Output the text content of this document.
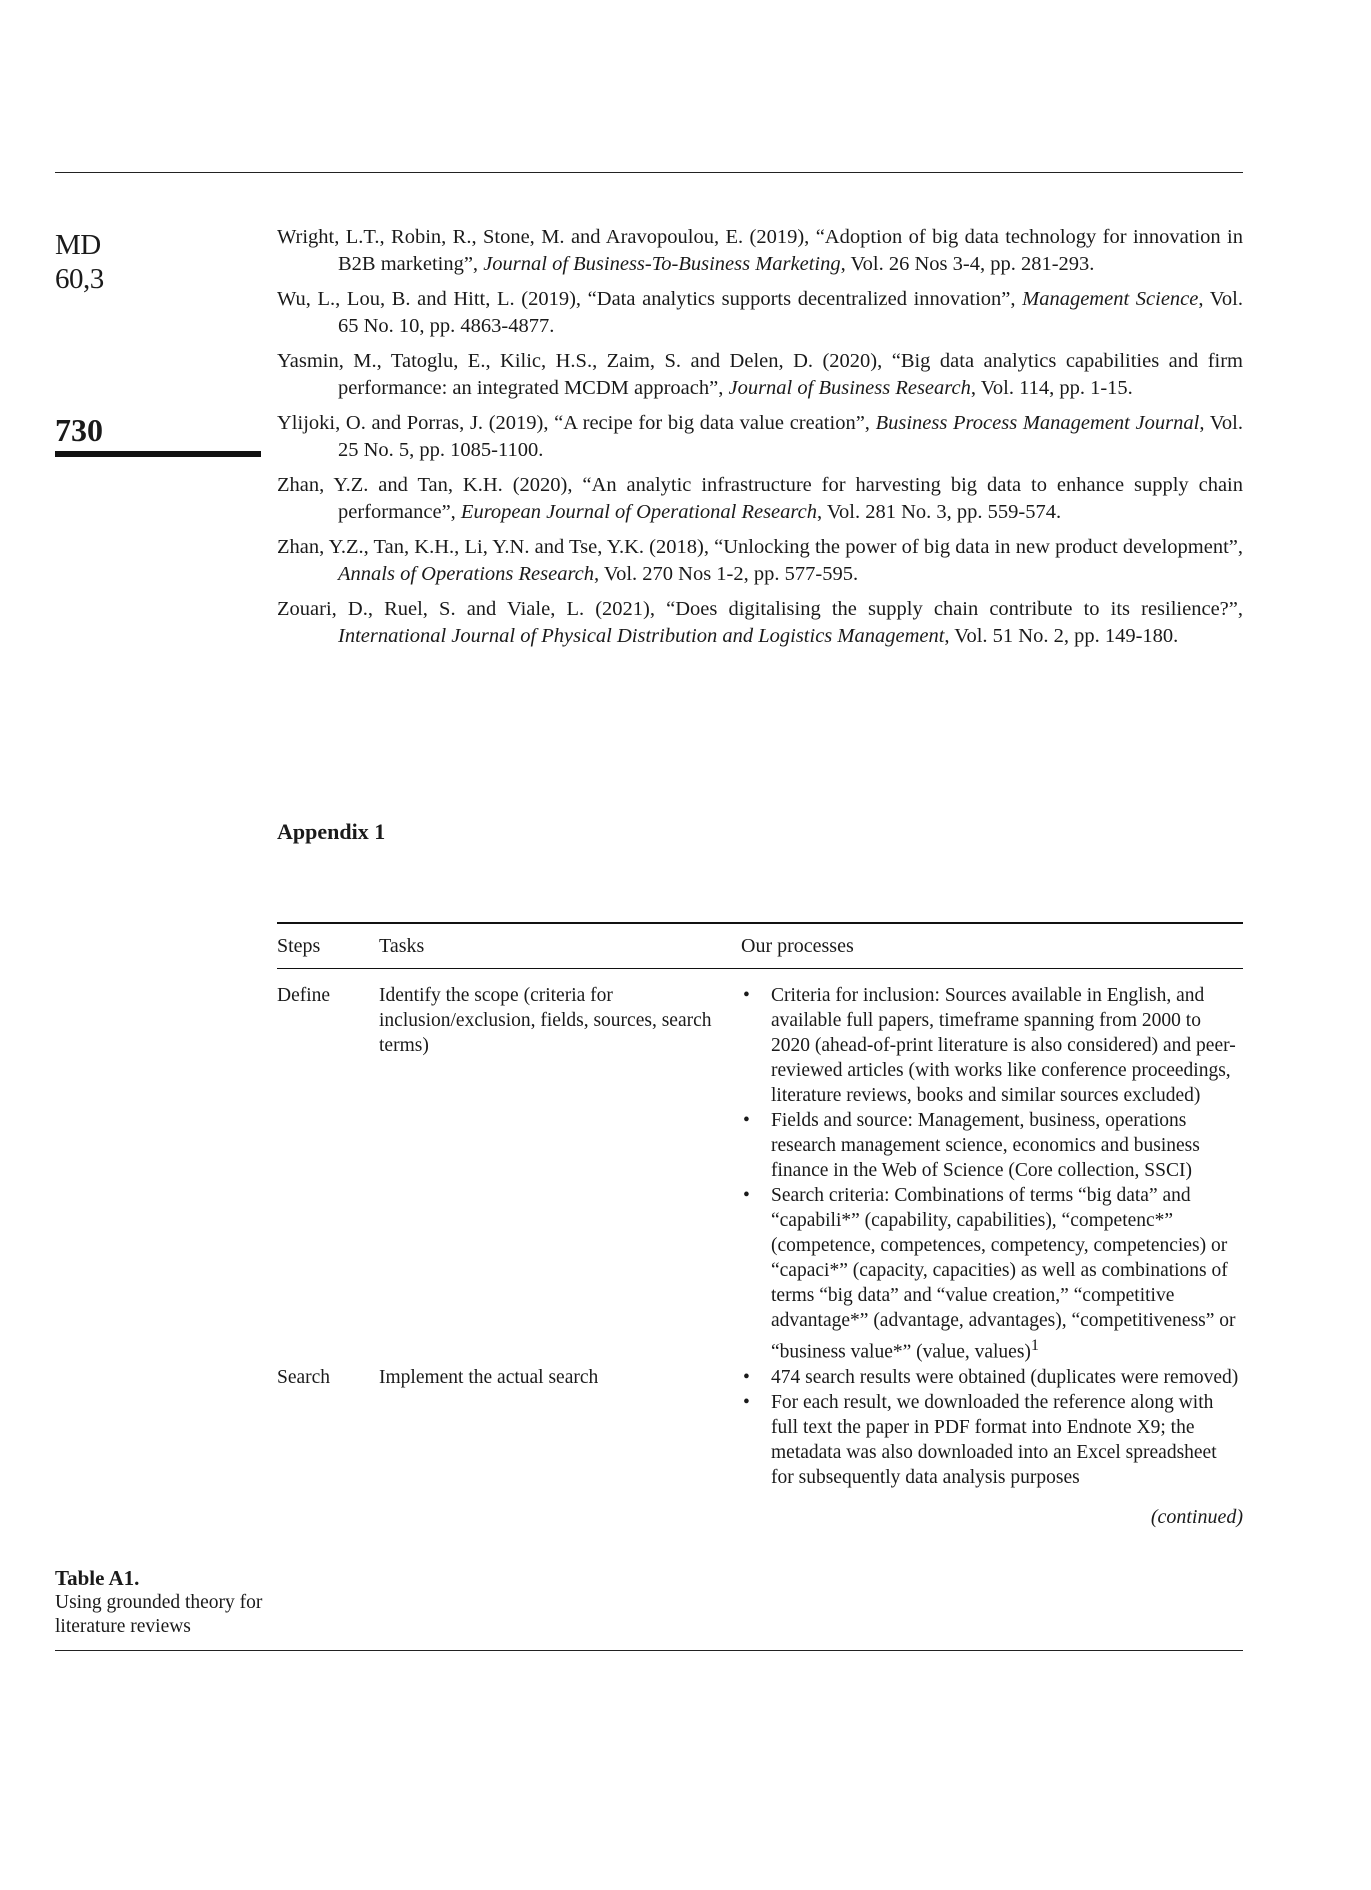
MD
60,3
730
Wright, L.T., Robin, R., Stone, M. and Aravopoulou, E. (2019), “Adoption of big data technology for innovation in B2B marketing”, Journal of Business-To-Business Marketing, Vol. 26 Nos 3-4, pp. 281-293.
Wu, L., Lou, B. and Hitt, L. (2019), “Data analytics supports decentralized innovation”, Management Science, Vol. 65 No. 10, pp. 4863-4877.
Yasmin, M., Tatoglu, E., Kilic, H.S., Zaim, S. and Delen, D. (2020), “Big data analytics capabilities and firm performance: an integrated MCDM approach”, Journal of Business Research, Vol. 114, pp. 1-15.
Ylijoki, O. and Porras, J. (2019), “A recipe for big data value creation”, Business Process Management Journal, Vol. 25 No. 5, pp. 1085-1100.
Zhan, Y.Z. and Tan, K.H. (2020), “An analytic infrastructure for harvesting big data to enhance supply chain performance”, European Journal of Operational Research, Vol. 281 No. 3, pp. 559-574.
Zhan, Y.Z., Tan, K.H., Li, Y.N. and Tse, Y.K. (2018), “Unlocking the power of big data in new product development”, Annals of Operations Research, Vol. 270 Nos 1-2, pp. 577-595.
Zouari, D., Ruel, S. and Viale, L. (2021), “Does digitalising the supply chain contribute to its resilience?”, International Journal of Physical Distribution and Logistics Management, Vol. 51 No. 2, pp. 149-180.
Appendix 1
Steps	Tasks	Our processes
Define	Identify the scope (criteria for inclusion/exclusion, fields, sources, search terms)
• Criteria for inclusion: Sources available in English, and available full papers, timeframe spanning from 2000 to 2020 (ahead-of-print literature is also considered) and peer-reviewed articles (with works like conference proceedings, literature reviews, books and similar sources excluded)
• Fields and source: Management, business, operations research management science, economics and business finance in the Web of Science (Core collection, SSCI)
• Search criteria: Combinations of terms “big data” and “capabili*” (capability, capabilities), “competenc*” (competence, competences, competency, competencies) or “capaci*” (capacity, capacities) as well as combinations of terms “big data” and “value creation,” “competitive advantage*” (advantage, advantages), “competitiveness” or “business value*” (value, values)$^1$
Search	Implement the actual search
•	474 search results were obtained (duplicates were removed)
• For each result, we downloaded the reference along with full text the paper in PDF format into Endnote X9; the metadata was also downloaded into an Excel spreadsheet for subsequently data analysis purposes
(continued)
Table A1.
Using grounded theory for literature reviews
